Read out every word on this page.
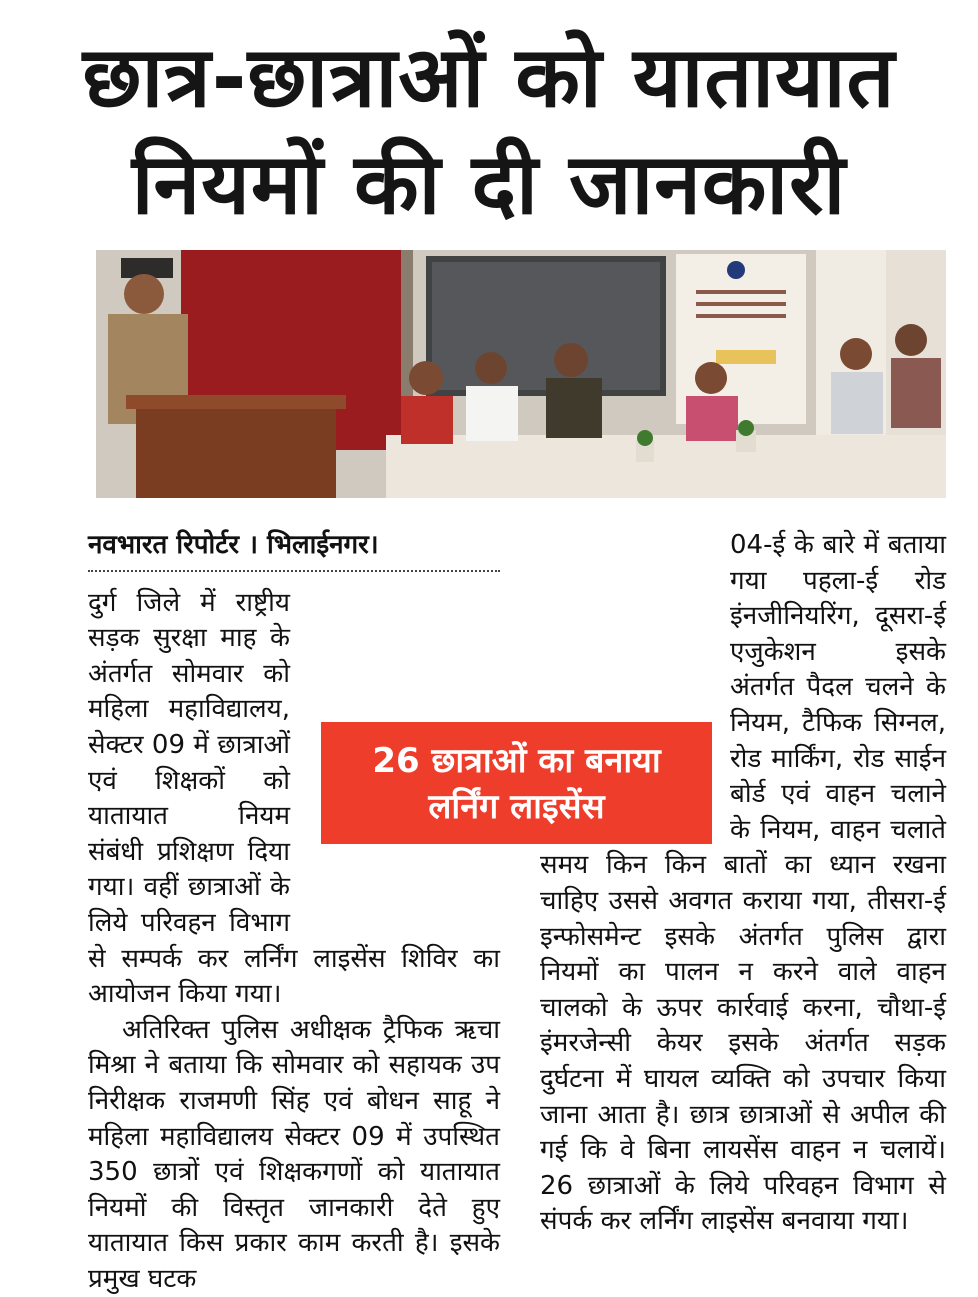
छात्र-छात्राओं को यातायात
नियमों की दी जानकारी
नवभारत रिपोर्टर । भिलाईनगर।

दुर्ग जिले में राष्ट्रीय सड़क सुरक्षा माह के अंतर्गत सोमवार को महिला महाविद्यालय, सेक्टर 09 में छात्राओं एवं शिक्षकों को यातायात नियम संबंधी प्रशिक्षण दिया गया। वहीं छात्राओं के लिये परिवहन विभाग से सम्पर्क कर लर्निंग लाइसेंस शिविर का आयोजन किया गया।

अतिरिक्त पुलिस अधीक्षक ट्रैफिक ऋचा मिश्रा ने बताया कि सोमवार को सहायक उप निरीक्षक राजमणी सिंह एवं बोधन साहू ने महिला महाविद्यालय सेक्टर 09 में उपस्थित 350 छात्रों एवं शिक्षकगणों को यातायात नियमों की विस्तृत जानकारी देते हुए यातायात किस प्रकार काम करती है। इसके प्रमुख घटक

04-ई के बारे में बताया गया पहला-ई रोड इंनजीनियरिंग, दूसरा-ई एजुकेशन इसके अंतर्गत पैदल चलने के नियम, टैफिक सिग्नल, रोड मार्किंग, रोड साईन बोर्ड एवं वाहन चलाने के नियम, वाहन चलाते समय किन किन बातों का ध्यान रखना चाहिए उससे अवगत कराया गया, तीसरा-ई इन्फोसमेन्ट इसके अंतर्गत पुलिस द्वारा नियमों का पालन न करने वाले वाहन चालको के ऊपर कार्रवाई करना, चौथा-ई इंमरजेन्सी केयर इसके अंतर्गत सड़क दुर्घटना में घायल व्यक्ति को उपचार किया जाना आता है। छात्र छात्राओं से अपील की गई कि वे बिना लायसेंस वाहन न चलायें। 26 छात्राओं के लिये परिवहन विभाग से संपर्क कर लर्निंग लाइसेंस बनवाया गया।

26 छात्राओं का बनाया
लर्निंग लाइसेंस
